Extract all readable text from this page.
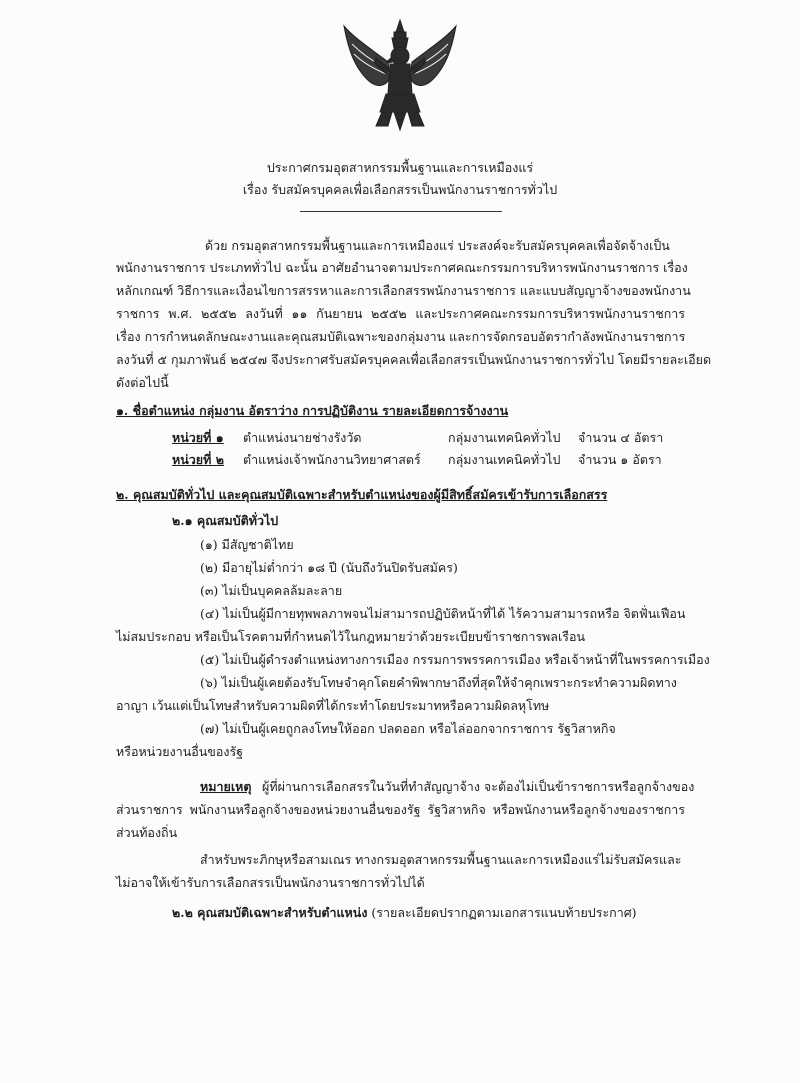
ประกาศกรมอุตสาหกรรมพื้นฐานและการเหมืองแร่
เรื่อง รับสมัครบุคคลเพื่อเลือกสรรเป็นพนักงานราชการทั่วไป
ด้วย กรมอุตสาหกรรมพื้นฐานและการเหมืองแร่ ประสงค์จะรับสมัครบุคคลเพื่อจัดจ้างเป็น
พนักงานราชการ ประเภททั่วไป ฉะนั้น อาศัยอำนาจตามประกาศคณะกรรมการบริหารพนักงานราชการ เรื่อง
หลักเกณฑ์ วิธีการและเงื่อนไขการสรรหาและการเลือกสรรพนักงานราชการ และแบบสัญญาจ้างของพนักงาน
ราชการ พ.ศ. ๒๕๕๒ ลงวันที่ ๑๑ กันยายน ๒๕๕๒ และประกาศคณะกรรมการบริหารพนักงานราชการ
เรื่อง การกำหนดลักษณะงานและคุณสมบัติเฉพาะของกลุ่มงาน และการจัดกรอบอัตรากำลังพนักงานราชการ
ลงวันที่ ๕ กุมภาพันธ์ ๒๕๔๗ จึงประกาศรับสมัครบุคคลเพื่อเลือกสรรเป็นพนักงานราชการทั่วไป โดยมีรายละเอียด
ดังต่อไปนี้
๑. ชื่อตำแหน่ง กลุ่มงาน อัตราว่าง การปฏิบัติงาน รายละเอียดการจ้างงาน
หน่วยที่ ๑ ตำแหน่งนายช่างรังวัด	กลุ่มงานเทคนิคทั่วไป จำนวน ๔ อัตรา
หน่วยที่ ๒ ตำแหน่งเจ้าพนักงานวิทยาศาสตร์ กลุ่มงานเทคนิคทั่วไป จำนวน ๑ อัตรา
๒. คุณสมบัติทั่วไป และคุณสมบัติเฉพาะสำหรับตำแหน่งของผู้มีสิทธิ์สมัครเข้ารับการเลือกสรร
๒.๑ คุณสมบัติทั่วไป
(๑) มีสัญชาติไทย
(๒) มีอายุไม่ต่ำกว่า ๑๘ ปี (นับถึงวันปิดรับสมัคร)
(๓) ไม่เป็นบุคคลล้มละลาย
(๔) ไม่เป็นผู้มีกายทุพพลภาพจนไม่สามารถปฏิบัติหน้าที่ได้ ไร้ความสามารถหรือ จิตฟั่นเฟือน
ไม่สมประกอบ หรือเป็นโรคตามที่กำหนดไว้ในกฎหมายว่าด้วยระเบียบข้าราชการพลเรือน
(๕) ไม่เป็นผู้ดำรงตำแหน่งทางการเมือง กรรมการพรรคการเมือง หรือเจ้าหน้าที่ในพรรคการเมือง
(๖) ไม่เป็นผู้เคยต้องรับโทษจำคุกโดยคำพิพากษาถึงที่สุดให้จำคุกเพราะกระทำความผิดทาง
อาญา เว้นแต่เป็นโทษสำหรับความผิดที่ได้กระทำโดยประมาทหรือความผิดลหุโทษ
(๗) ไม่เป็นผู้เคยถูกลงโทษให้ออก ปลดออก หรือไล่ออกจากราชการ รัฐวิสาหกิจ
หรือหน่วยงานอื่นของรัฐ
หมายเหตุ ผู้ที่ผ่านการเลือกสรรในวันที่ทำสัญญาจ้าง จะต้องไม่เป็นข้าราชการหรือลูกจ้างของ
ส่วนราชการ พนักงานหรือลูกจ้างของหน่วยงานอื่นของรัฐ รัฐวิสาหกิจ หรือพนักงานหรือลูกจ้างของราชการ
ส่วนท้องถิ่น
สำหรับพระภิกษุหรือสามเณร ทางกรมอุตสาหกรรมพื้นฐานและการเหมืองแร่ไม่รับสมัครและ
ไม่อาจให้เข้ารับการเลือกสรรเป็นพนักงานราชการทั่วไปได้
๒.๒ คุณสมบัติเฉพาะสำหรับตำแหน่ง (รายละเอียดปรากฏตามเอกสารแนบท้ายประกาศ)
